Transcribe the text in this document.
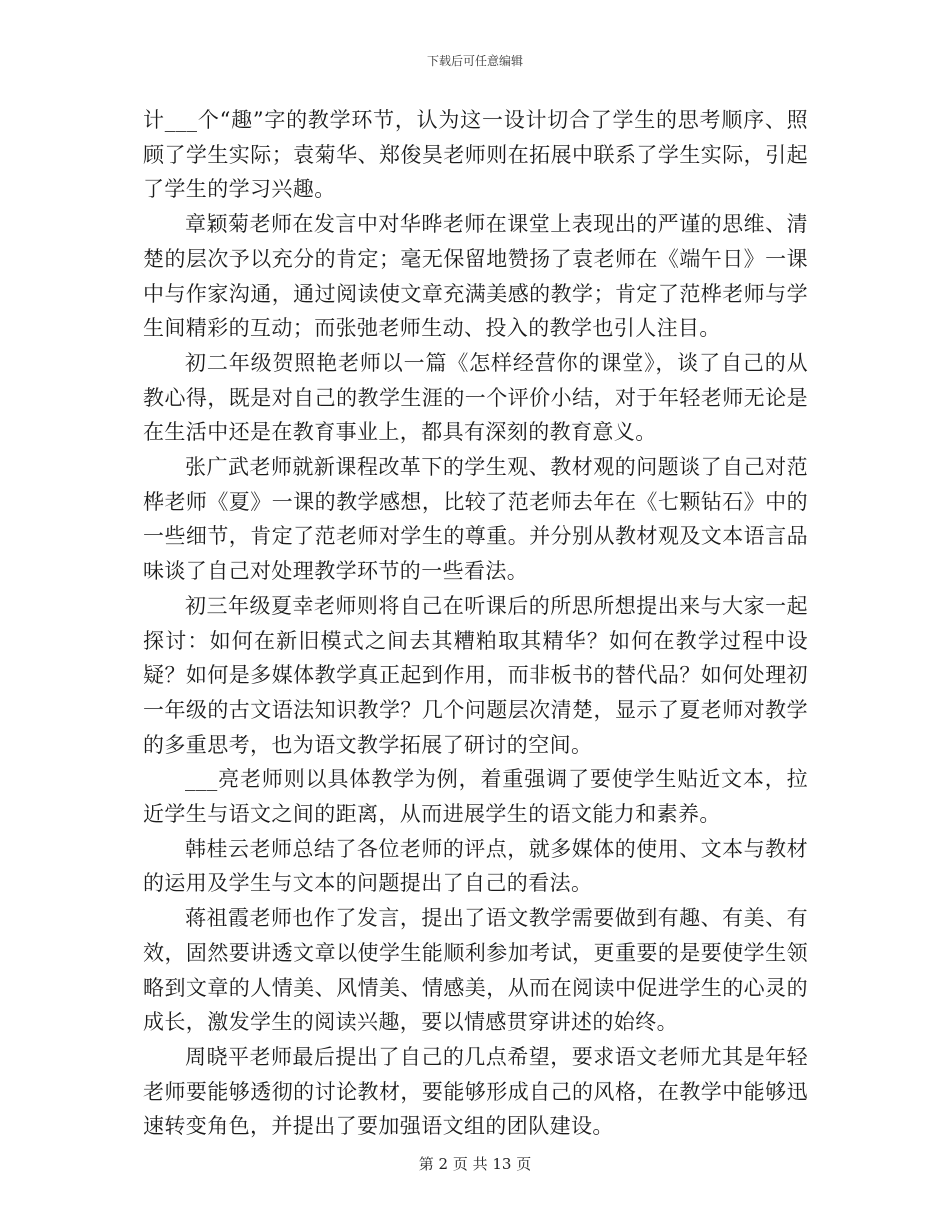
下载后可任意编辑

计___个“趣”字的教学环节，认为这一设计切合了学生的思考顺序、照顾了学生实际；袁菊华、郑俊昊老师则在拓展中联系了学生实际，引起了学生的学习兴趣。

章颖菊老师在发言中对华晔老师在课堂上表现出的严谨的思维、清楚的层次予以充分的肯定；毫无保留地赞扬了袁老师在《端午日》一课中与作家沟通，通过阅读使文章充满美感的教学；肯定了范桦老师与学生间精彩的互动；而张弛老师生动、投入的教学也引人注目。

初二年级贺照艳老师以一篇《怎样经营你的课堂》，谈了自己的从教心得，既是对自己的教学生涯的一个评价小结，对于年轻老师无论是在生活中还是在教育事业上，都具有深刻的教育意义。

张广武老师就新课程改革下的学生观、教材观的问题谈了自己对范桦老师《夏》一课的教学感想，比较了范老师去年在《七颗钻石》中的一些细节，肯定了范老师对学生的尊重。并分别从教材观及文本语言品味谈了自己对处理教学环节的一些看法。

初三年级夏幸老师则将自己在听课后的所思所想提出来与大家一起探讨：如何在新旧模式之间去其糟粕取其精华？如何在教学过程中设疑？如何是多媒体教学真正起到作用，而非板书的替代品？如何处理初一年级的古文语法知识教学？几个问题层次清楚，显示了夏老师对教学的多重思考，也为语文教学拓展了研讨的空间。

___亮老师则以具体教学为例，着重强调了要使学生贴近文本，拉近学生与语文之间的距离，从而进展学生的语文能力和素养。

韩桂云老师总结了各位老师的评点，就多媒体的使用、文本与教材的运用及学生与文本的问题提出了自己的看法。

蒋祖霞老师也作了发言，提出了语文教学需要做到有趣、有美、有效，固然要讲透文章以使学生能顺利参加考试，更重要的是要使学生领略到文章的人情美、风情美、情感美，从而在阅读中促进学生的心灵的成长，激发学生的阅读兴趣，要以情感贯穿讲述的始终。

周晓平老师最后提出了自己的几点希望，要求语文老师尤其是年轻老师要能够透彻的讨论教材，要能够形成自己的风格，在教学中能够迅速转变角色，并提出了要加强语文组的团队建设。

第 2 页 共 13 页
